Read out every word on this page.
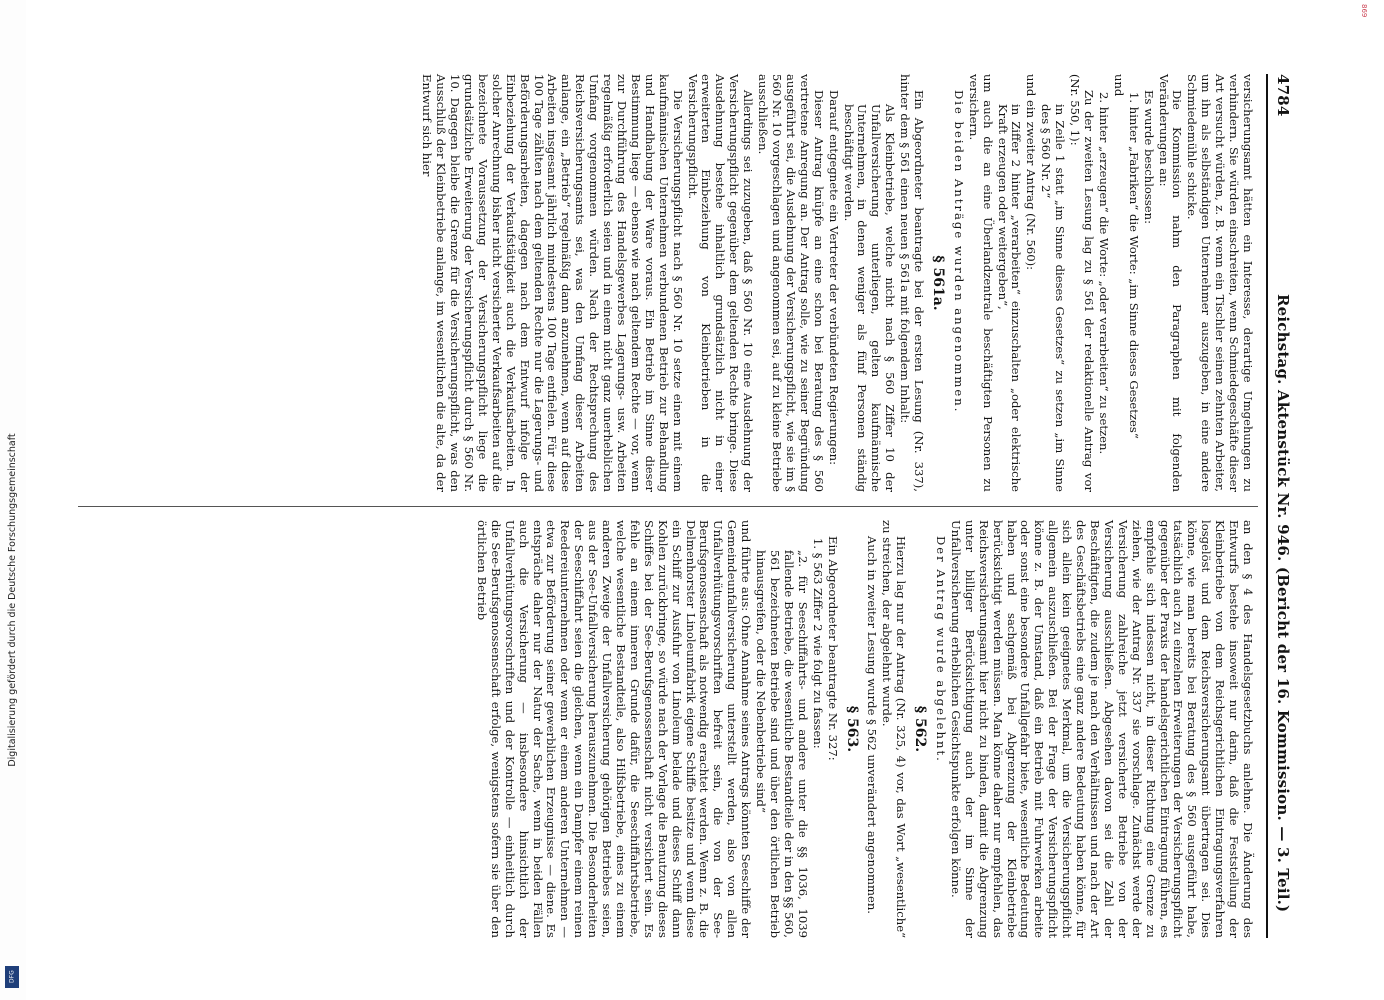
Digitalisierung gefördert durch die Deutsche Forschungsgemeinschaft
DFG
869
4784
Reichstag. Aktenstück Nr. 946. (Bericht der 16. Kommission. — 3. Teil.)

versicherungsamt hätten ein Interesse, derartige Umgehungen zu verhindern. Sie würden einschreiten, wenn Schmiedegeschäfte dieser Art versucht würden, z. B. wenn ein Tischler seinen zehnten Arbeiter, um ihn als selbständigen Unternehmer auszugeben, in eine andere Schmiedemühle schicke.

Die Kommission nahm den Paragraphen mit folgenden Veränderungen an:

Es wurde beschlossen:

1. hinter „Fabriken“ die Worte: „im Sinne dieses Gesetzes“

und

2. hinter „erzeugen“ die Worte: „oder verarbeiten“ zu setzen.

Zu der zweiten Lesung lag zu § 561 der redaktionelle Antrag vor (Nr. 550, 1):

in Zeile 1 statt „im Sinne dieses Gesetzes“ zu setzen „im Sinne des § 560 Nr. 2“

und ein zweiter Antrag (Nr. 560):

in Ziffer 2 hinter „verarbeiten“ einzuschalten „oder elektrische Kraft erzeugen oder weitergeben“,

um auch die an eine Überlandzentrale beschäftigten Personen zu versichern.

Die beiden Anträge wurden angenommen.

§ 561a.

Ein Abgeordneter beantragte bei der ersten Lesung (Nr. 337), hinter dem § 561 einen neuen § 561a mit folgendem Inhalt:

Als Kleinbetriebe, welche nicht nach § 560 Ziffer 10 der Unfallversicherung unterliegen, gelten kaufmännische Unternehmen, in denen weniger als fünf Personen ständig beschäftigt werden.

Darauf entgegnete ein Vertreter der verbündeten Regierungen:

Dieser Antrag knüpfe an eine schon bei Beratung des § 560 vertretene Anregung an. Der Antrag solle, wie zu seiner Begründung ausgeführt sei, die Ausdehnung der Versicherungspflicht, wie sie im § 560 Nr. 10 vorgeschlagen und angenommen sei, auf zu kleine Betriebe ausschließen.

Allerdings sei zuzugeben, daß § 560 Nr. 10 eine Ausdehnung der Versicherungspflicht gegenüber dem geltenden Rechte bringe. Diese Ausdehnung bestehe inhaltlich grundsätzlich nicht in einer erweiterten Einbeziehung von Kleinbetrieben in die Versicherungspflicht.

Die Versicherungspflicht nach § 560 Nr. 10 setze einen mit einem kaufmännischen Unternehmen verbundenen Betrieb zur Behandlung und Handhabung der Ware voraus. Ein Betrieb im Sinne dieser Bestimmung liege — ebenso wie nach geltendem Rechte — vor, wenn zur Durchführung des Handelsgewerbes Lagerungs- usw. Arbeiten regelmäßig erforderlich seien und in einem nicht ganz unerheblichen Umfang vorgenommen würden. Nach der Rechtsprechung des Reichsversicherungsamts sei, was den Umfang dieser Arbeiten anlange, ein „Betrieb“ regelmäßig dann anzunehmen, wenn auf diese Arbeiten insgesamt jährlich mindestens 100 Tage entfielen. Für diese 100 Tage zählten nach dem geltenden Rechte nur die Lagerungs- und Beförderungsarbeiten, dagegen nach dem Entwurf infolge der Einbeziehung der Verkaufstätigkeit auch die Verkaufsarbeiten. In solcher Anrechnung bisher nicht versicherter Verkaufsarbeiten auf die bezeichnete Voraussetzung der Versicherungspflicht liege die grundsätzliche Erweiterung der Versicherungspflicht durch § 560 Nr. 10. Dagegen bleibe die Grenze für die Versicherungspflicht, was den Ausschluß der Kleinbetriebe anlange, im wesentlichen die alte, da der Entwurf sich hier

an den § 4 des Handelsgesetzbuchs anlehne. Die Änderung des Entwurfs bestehe insoweit nur darin, daß die Feststellung der Kleinbetriebe von dem Reichsgerichtlichen Eintragungsverfahren losgelöst und dem Reichsversicherungsamt übertragen sei. Dies könne, wie man bereits bei Beratung des § 560 ausgeführt habe, tatsächlich auch zu einzelnen Erweiterungen der Versicherungspflicht gegenüber der Praxis der handelsgerichtlichen Eintragung führen, es empfehle sich indessen nicht, in dieser Richtung eine Grenze zu ziehen, wie der Antrag Nr. 337 sie vorschlage. Zunächst werde der Versicherung zahlreiche jetzt versicherte Betriebe von der Versicherung ausschließen. Abgesehen davon sei die Zahl der Beschäftigten, die zudem je nach den Verhältnissen und nach der Art des Geschäftsbetriebs eine ganz andere Bedeutung haben könne, für sich allein kein geeignetes Merkmal, um die Versicherungspflicht allgemein auszuschließen. Bei der Frage der Versicherungspflicht könne z. B. der Umstand, daß ein Betrieb mit Fuhrwerken arbeite oder sonst eine besondere Unfallgefahr biete, wesentliche Bedeutung haben und sachgemäß bei Abgrenzung der Kleinbetriebe berücksichtigt werden müssen. Man könne daher nur empfehlen, das Reichsversicherungsamt hier nicht zu binden, damit die Abgrenzung unter billiger Berücksichtigung auch der im Sinne der Unfallversicherung erheblichen Gesichtspunkte erfolgen könne.

Der Antrag wurde abgelehnt.

§ 562.

Hierzu lag nur der Antrag (Nr. 325, 4) vor, das Wort „wesentliche“ zu streichen, der abgelehnt wurde.

Auch in zweiter Lesung wurde § 562 unverändert angenommen.

§ 563.

Ein Abgeordneter beantragte Nr. 327:

1. § 563 Ziffer 2 wie folgt zu fassen:

„2. für Seeschiffahrts- und andere unter die §§ 1036, 1039 fallende Betriebe, die wesentliche Bestandteile der in den §§ 560, 561 bezeichneten Betriebe sind und über den örtlichen Betrieb hinausgreifen, oder die Nebenbetriebe sind“

und führte aus: Ohne Annahme seines Antrags könnten Seeschiffe der Gemeindeunfallversicherung unterstellt werden, also von allen Unfallverhütungsvorschriften befreit sein, die von der See-Berufsgenossenschaft als notwendig erachtet werden. Wenn z. B. die Delmenhorster Linoleumfabrik eigene Schiffe besitze und wenn diese ein Schiff zur Ausfuhr von Linoleum belade und dieses Schiff dann Kohlen zurückbringe, so würde nach der Vorlage die Benutzung dieses Schiffes bei der See-Berufsgenossenschaft nicht versichert sein. Es fehle an einem inneren Grunde dafür, die Seeschiffahrtsbetriebe, welche wesentliche Bestandteile, also Hilfsbetriebe, eines zu einem anderen Zweige der Unfallversicherung gehörigen Betriebes seien, aus der See-Unfallversicherung herauszunehmen. Die Besonderheiten der Seeschiffahrt seien die gleichen, wenn ein Dampfer einem reinen Reedereiunternehmen oder wenn er einem anderen Unternehmen — etwa zur Beförderung seiner gewerblichen Erzeugnisse — diene. Es entspräche daher nur der Natur der Sache, wenn in beiden Fällen auch die Versicherung — insbesondere hinsichtlich der Unfallverhütungsvorschriften und der Kontrolle — einheitlich durch die See-Berufsgenossenschaft erfolge, wenigstens sofern sie über den örtlichen Betrieb
